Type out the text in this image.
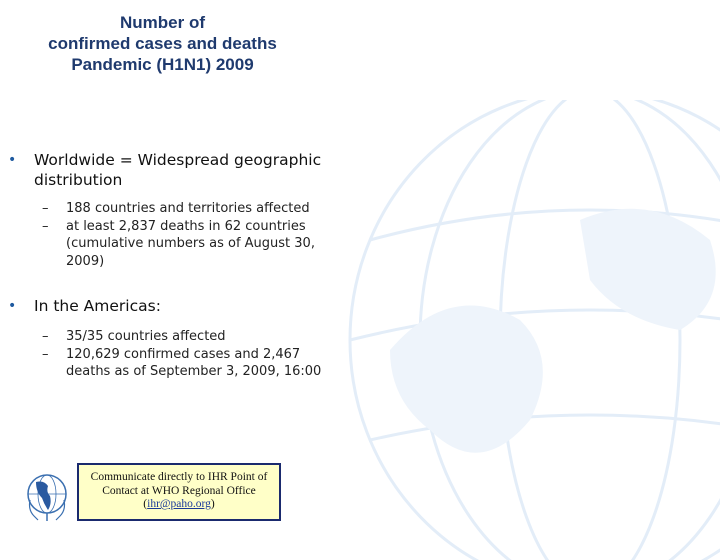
Number of
confirmed cases and deaths
Pandemic (H1N1) 2009
• Worldwide = Widespread geographic distribution
– 188 countries and territories affected
– at least 2,837 deaths in 62 countries (cumulative numbers as of August 30, 2009)
• In the Americas:
– 35/35 countries affected
– 120,629 confirmed cases and 2,467 deaths as of September 3, 2009, 16:00
Communicate directly to IHR Point of
Contact at WHO Regional Office
(ihr@paho.org)
